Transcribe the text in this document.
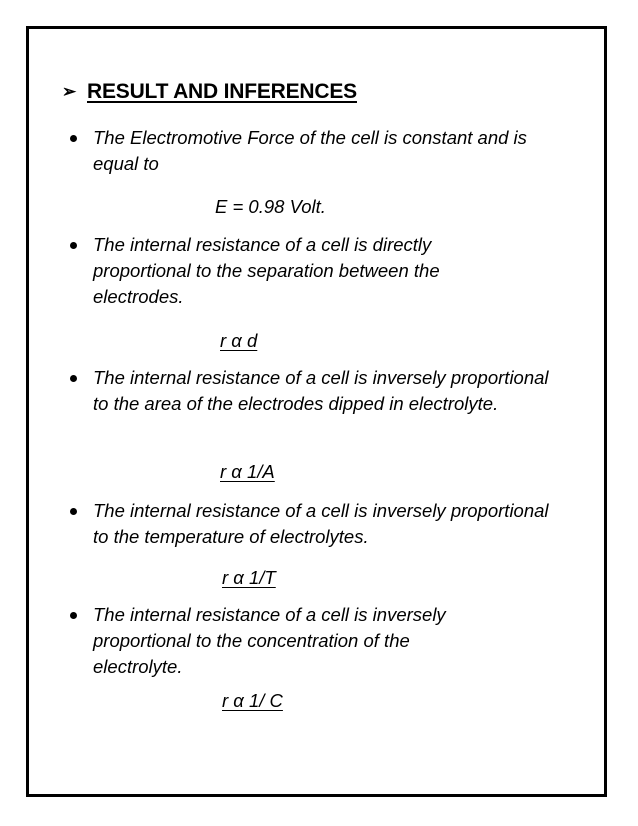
➢ RESULT AND INFERENCES
The Electromotive Force of the cell is constant and is equal to
E = 0.98 Volt.
The internal resistance of a cell is directly proportional to the separation between the electrodes.
r α d
The internal resistance of a cell is inversely proportional to the area of the electrodes dipped in electrolyte.
r α 1/A
The internal resistance of a cell is inversely proportional to the temperature of electrolytes.
r α 1/T
The internal resistance of a cell is inversely proportional to the concentration of the electrolyte.
r α 1/ C
